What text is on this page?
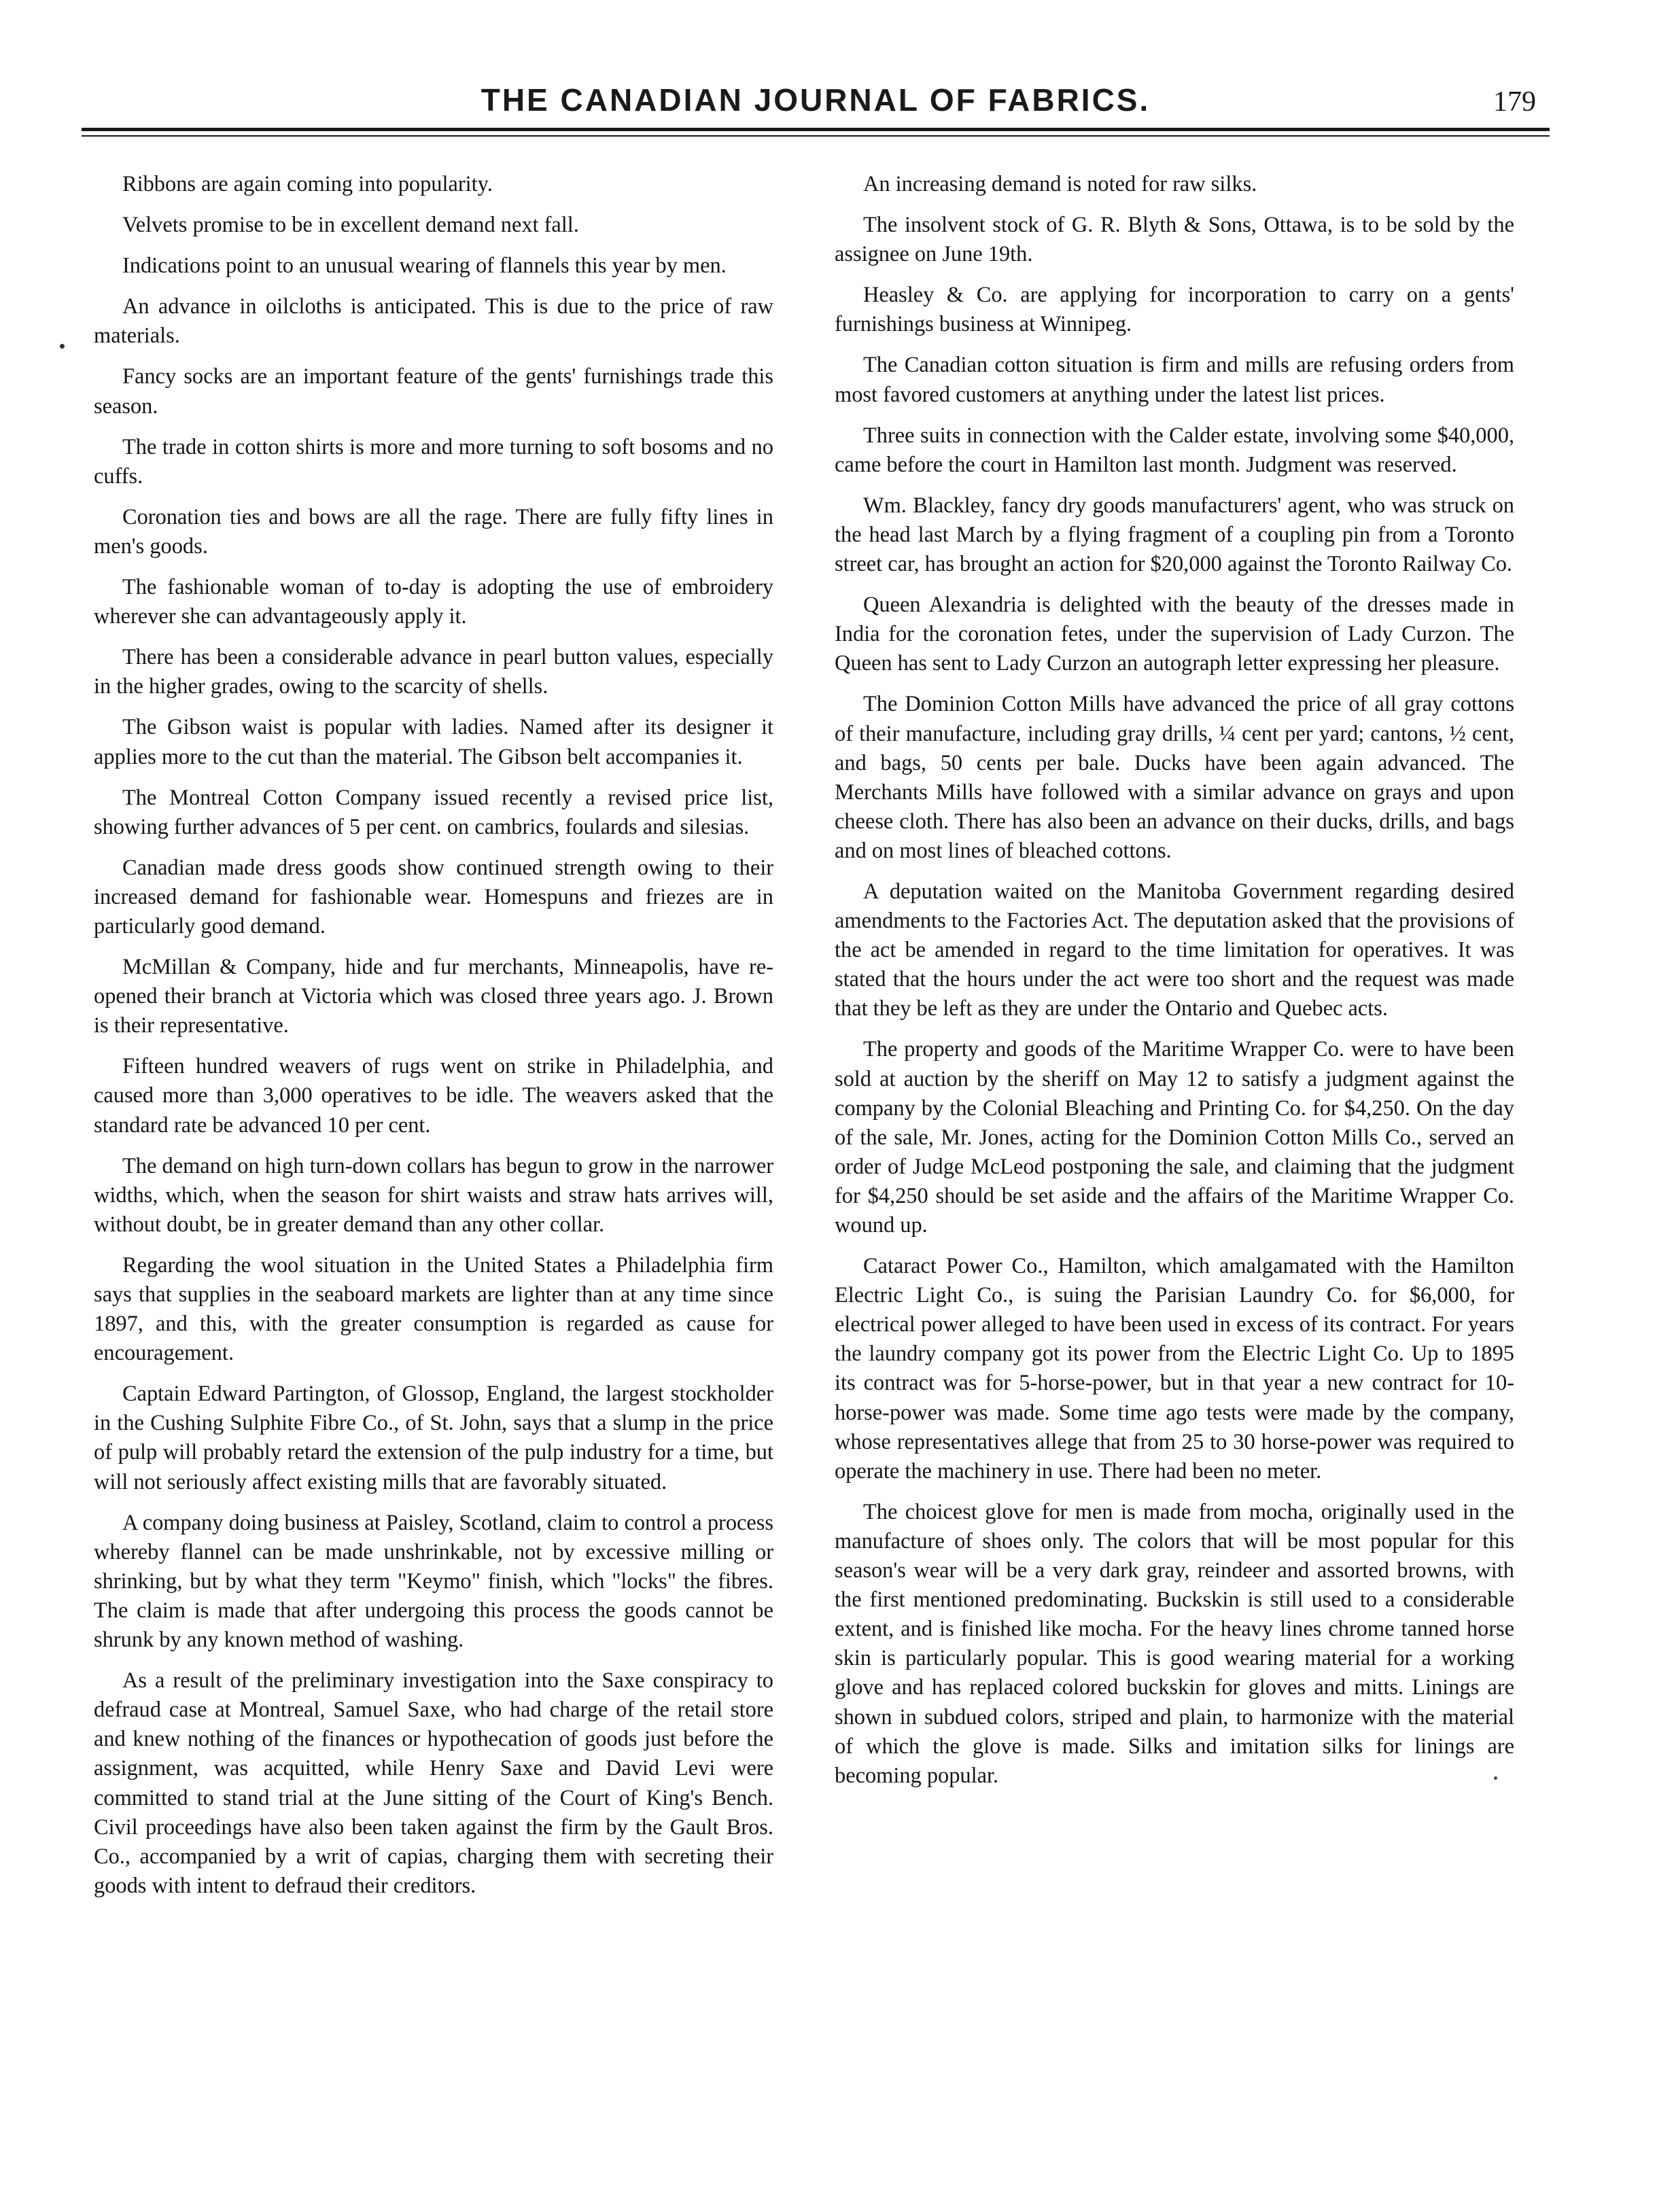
THE CANADIAN JOURNAL OF FABRICS.	179

Ribbons are again coming into popularity.

Velvets promise to be in excellent demand next fall.

Indications point to an unusual wearing of flannels this year by men.

An advance in oilcloths is anticipated. This is due to the price of raw materials.

Fancy socks are an important feature of the gents' furnishings trade this season.

The trade in cotton shirts is more and more turning to soft bosoms and no cuffs.

Coronation ties and bows are all the rage. There are fully fifty lines in men's goods.

The fashionable woman of to-day is adopting the use of embroidery wherever she can advantageously apply it.

There has been a considerable advance in pearl button values, especially in the higher grades, owing to the scarcity of shells.

The Gibson waist is popular with ladies. Named after its designer it applies more to the cut than the material. The Gibson belt accompanies it.

The Montreal Cotton Company issued recently a revised price list, showing further advances of 5 per cent. on cambrics, foulards and silesias.

Canadian made dress goods show continued strength owing to their increased demand for fashionable wear. Homespuns and friezes are in particularly good demand.

McMillan & Company, hide and fur merchants, Minneapolis, have re-opened their branch at Victoria which was closed three years ago. J. Brown is their representative.

Fifteen hundred weavers of rugs went on strike in Philadelphia, and caused more than 3,000 operatives to be idle. The weavers asked that the standard rate be advanced 10 per cent.

The demand on high turn-down collars has begun to grow in the narrower widths, which, when the season for shirt waists and straw hats arrives will, without doubt, be in greater demand than any other collar.

Regarding the wool situation in the United States a Philadelphia firm says that supplies in the seaboard markets are lighter than at any time since 1897, and this, with the greater consumption is regarded as cause for encouragement.

Captain Edward Partington, of Glossop, England, the largest stockholder in the Cushing Sulphite Fibre Co., of St. John, says that a slump in the price of pulp will probably retard the extension of the pulp industry for a time, but will not seriously affect existing mills that are favorably situated.

A company doing business at Paisley, Scotland, claim to control a process whereby flannel can be made unshrinkable, not by excessive milling or shrinking, but by what they term "Keymo" finish, which "locks" the fibres. The claim is made that after undergoing this process the goods cannot be shrunk by any known method of washing.

As a result of the preliminary investigation into the Saxe conspiracy to defraud case at Montreal, Samuel Saxe, who had charge of the retail store and knew nothing of the finances or hypothecation of goods just before the assignment, was acquitted, while Henry Saxe and David Levi were committed to stand trial at the June sitting of the Court of King's Bench. Civil proceedings have also been taken against the firm by the Gault Bros. Co., accompanied by a writ of capias, charging them with secreting their goods with intent to defraud their creditors.

An increasing demand is noted for raw silks.

The insolvent stock of G. R. Blyth & Sons, Ottawa, is to be sold by the assignee on June 19th.

Heasley & Co. are applying for incorporation to carry on a gents' furnishings business at Winnipeg.

The Canadian cotton situation is firm and mills are refusing orders from most favored customers at anything under the latest list prices.

Three suits in connection with the Calder estate, involving some $40,000, came before the court in Hamilton last month. Judgment was reserved.

Wm. Blackley, fancy dry goods manufacturers' agent, who was struck on the head last March by a flying fragment of a coupling pin from a Toronto street car, has brought an action for $20,000 against the Toronto Railway Co.

Queen Alexandria is delighted with the beauty of the dresses made in India for the coronation fetes, under the supervision of Lady Curzon. The Queen has sent to Lady Curzon an autograph letter expressing her pleasure.

The Dominion Cotton Mills have advanced the price of all gray cottons of their manufacture, including gray drills, ¼ cent per yard; cantons, ½ cent, and bags, 50 cents per bale. Ducks have been again advanced. The Merchants Mills have followed with a similar advance on grays and upon cheese cloth. There has also been an advance on their ducks, drills, and bags and on most lines of bleached cottons.

A deputation waited on the Manitoba Government regarding desired amendments to the Factories Act. The deputation asked that the provisions of the act be amended in regard to the time limitation for operatives. It was stated that the hours under the act were too short and the request was made that they be left as they are under the Ontario and Quebec acts.

The property and goods of the Maritime Wrapper Co. were to have been sold at auction by the sheriff on May 12 to satisfy a judgment against the company by the Colonial Bleaching and Printing Co. for $4,250. On the day of the sale, Mr. Jones, acting for the Dominion Cotton Mills Co., served an order of Judge McLeod postponing the sale, and claiming that the judgment for $4,250 should be set aside and the affairs of the Maritime Wrapper Co. wound up.

Cataract Power Co., Hamilton, which amalgamated with the Hamilton Electric Light Co., is suing the Parisian Laundry Co. for $6,000, for electrical power alleged to have been used in excess of its contract. For years the laundry company got its power from the Electric Light Co. Up to 1895 its contract was for 5-horse-power, but in that year a new contract for 10-horse-power was made. Some time ago tests were made by the company, whose representatives allege that from 25 to 30 horse-power was required to operate the machinery in use. There had been no meter.

The choicest glove for men is made from mocha, originally used in the manufacture of shoes only. The colors that will be most popular for this season's wear will be a very dark gray, reindeer and assorted browns, with the first mentioned predominating. Buckskin is still used to a considerable extent, and is finished like mocha. For the heavy lines chrome tanned horse skin is particularly popular. This is good wearing material for a working glove and has replaced colored buckskin for gloves and mitts. Linings are shown in subdued colors, striped and plain, to harmonize with the material of which the glove is made. Silks and imitation silks for linings are becoming popular.
